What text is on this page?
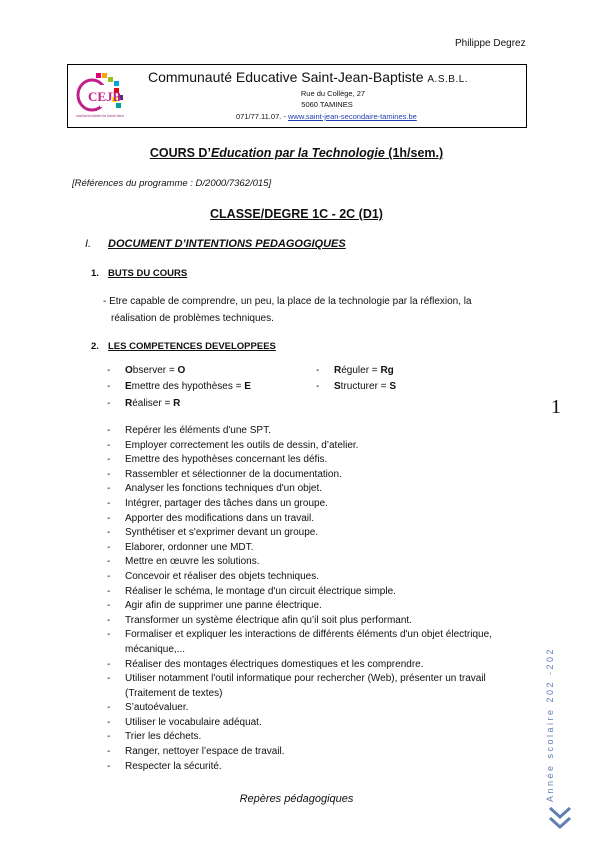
Philippe Degrez
CEJB
Communauté Educative Saint-Jean-Baptiste Maternel · Primaire · Secondaire Aînés · Fondation Ecole
Communauté Educative Saint-Jean-Baptiste A.S.B.L.
Rue du Collège, 27
5060 TAMINES
071/77.11.07. - www.saint-jean-secondaire-tamines.be
COURS D’Education par la Technologie (1h/sem.)
[Références du programme : D/2000/7362/015]
CLASSE/DEGRE 1C - 2C (D1)
I. DOCUMENT D’INTENTIONS PEDAGOGIQUES
1. BUTS DU COURS
- Etre capable de comprendre, un peu, la place de la technologie par la réflexion, la
réalisation de problèmes techniques.
2. LES COMPETENCES DEVELOPPEES
- Observer = O
- Emettre des hypothèses = E
- Réaliser = R
- Réguler = Rg
- Structurer = S
1
- Repérer les éléments d'une SPT.
- Employer correctement les outils de dessin, d’atelier.
- Emettre des hypothèses concernant les défis.
- Rassembler et sélectionner de la documentation.
- Analyser les fonctions techniques d'un objet.
- Intégrer, partager des tâches dans un groupe.
- Apporter des modifications dans un travail.
- Synthétiser et s'exprimer devant un groupe.
- Elaborer, ordonner une MDT.
- Mettre en œuvre les solutions.
- Concevoir et réaliser des objets techniques.
- Réaliser le schéma, le montage d'un circuit électrique simple.
- Agir afin de supprimer une panne électrique.
- Transformer un système électrique afin qu’il soit plus performant.
- Formaliser et expliquer les interactions de différents éléments d'un objet électrique, mécanique,...
- Réaliser des montages électriques domestiques et les comprendre.
- Utiliser notamment l'outil informatique pour rechercher (Web), présenter un travail (Traitement de textes)
- S’autoévaluer.
- Utiliser le vocabulaire adéquat.
- Trier les déchets.
- Ranger, nettoyer l’espace de travail.
- Respecter la sécurité.	Année scolaire 202 -202
Repères pédagogiques
